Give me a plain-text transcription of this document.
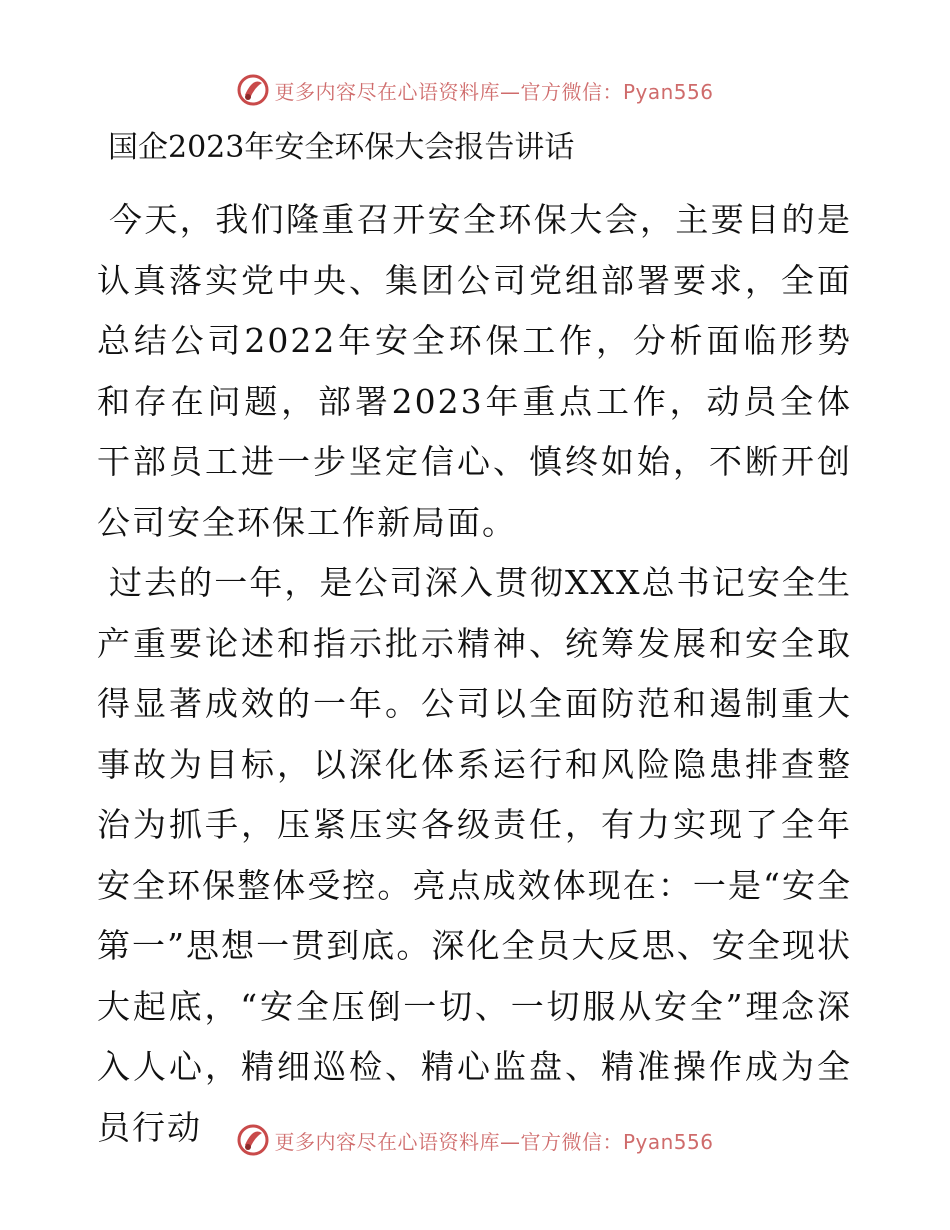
更多内容尽在心语资料库—官方微信：Pyan556
国企2023年安全环保大会报告讲话

今天，我们隆重召开安全环保大会，主要目的是认真落实党中央、集团公司党组部署要求，全面总结公司2022年安全环保工作，分析面临形势和存在问题，部署2023年重点工作，动员全体干部员工进一步坚定信心、慎终如始，不断开创公司安全环保工作新局面。

过去的一年，是公司深入贯彻XXX总书记安全生产重要论述和指示批示精神、统筹发展和安全取得显著成效的一年。公司以全面防范和遏制重大事故为目标，以深化体系运行和风险隐患排查整治为抓手，压紧压实各级责任，有力实现了全年安全环保整体受控。亮点成效体现在：一是“安全第一”思想一贯到底。深化全员大反思、安全现状大起底，“安全压倒一切、一切服从安全”理念深入人心，精细巡检、精心监盘、精准操作成为全员行动	更多内容尽在心语资料库—官方微信：Pyan556
